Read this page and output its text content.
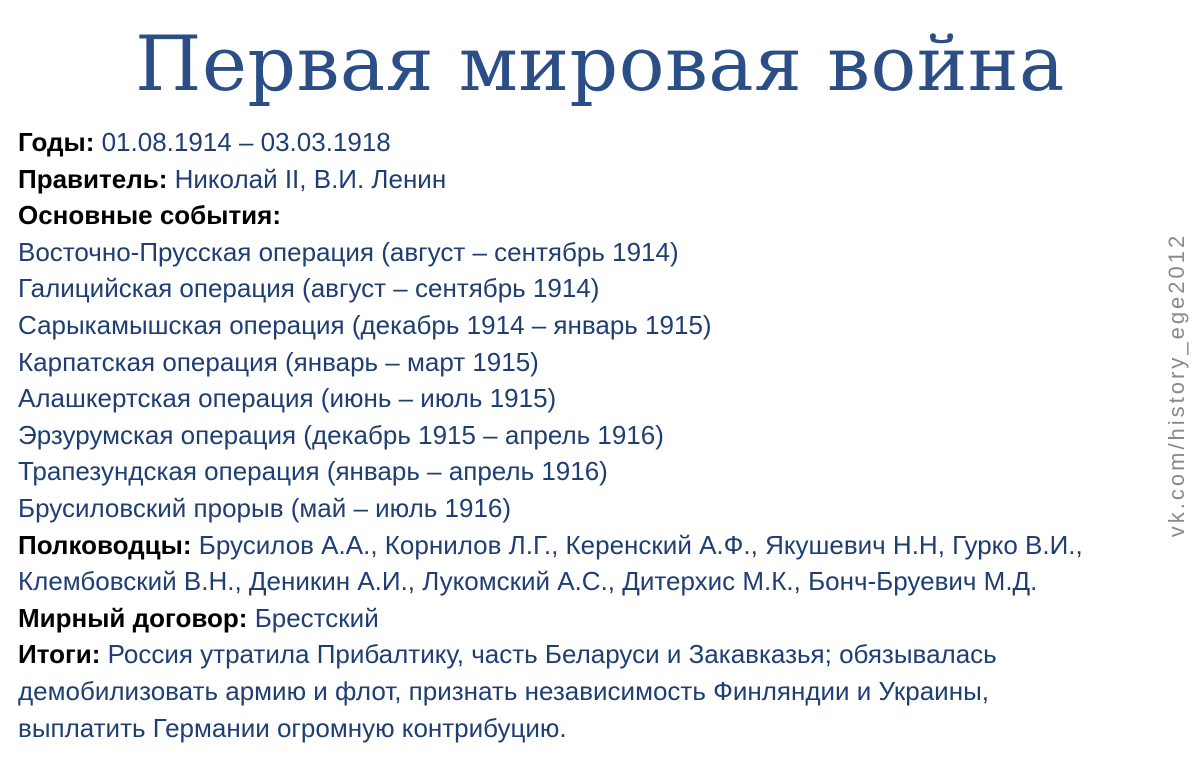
Первая мировая война
Годы: 01.08.1914 – 03.03.1918
Правитель: Николай II, В.И. Ленин
Основные события:
Восточно-Прусская операция (август – сентябрь 1914)
Галицийская операция (август – сентябрь 1914)
Сарыкамышская операция (декабрь 1914 – январь 1915)
Карпатская операция (январь – март 1915)
Алашкертская операция (июнь – июль 1915)
Эрзурумская операция (декабрь 1915 – апрель 1916)
Трапезундская операция (январь – апрель 1916)
Брусиловский прорыв (май – июль 1916)
Полководцы: Брусилов А.А., Корнилов Л.Г., Керенский А.Ф., Якушевич Н.Н, Гурко В.И.,
Клембовский В.Н., Деникин А.И., Лукомский А.С., Дитерхис М.К., Бонч-Бруевич М.Д.
Мирный договор: Брестский
Итоги: Россия утратила Прибалтику, часть Беларуси и Закавказья; обязывалась
демобилизовать армию и флот, признать независимость Финляндии и Украины,
выплатить Германии огромную контрибуцию.
vk.com/history_ege2012
